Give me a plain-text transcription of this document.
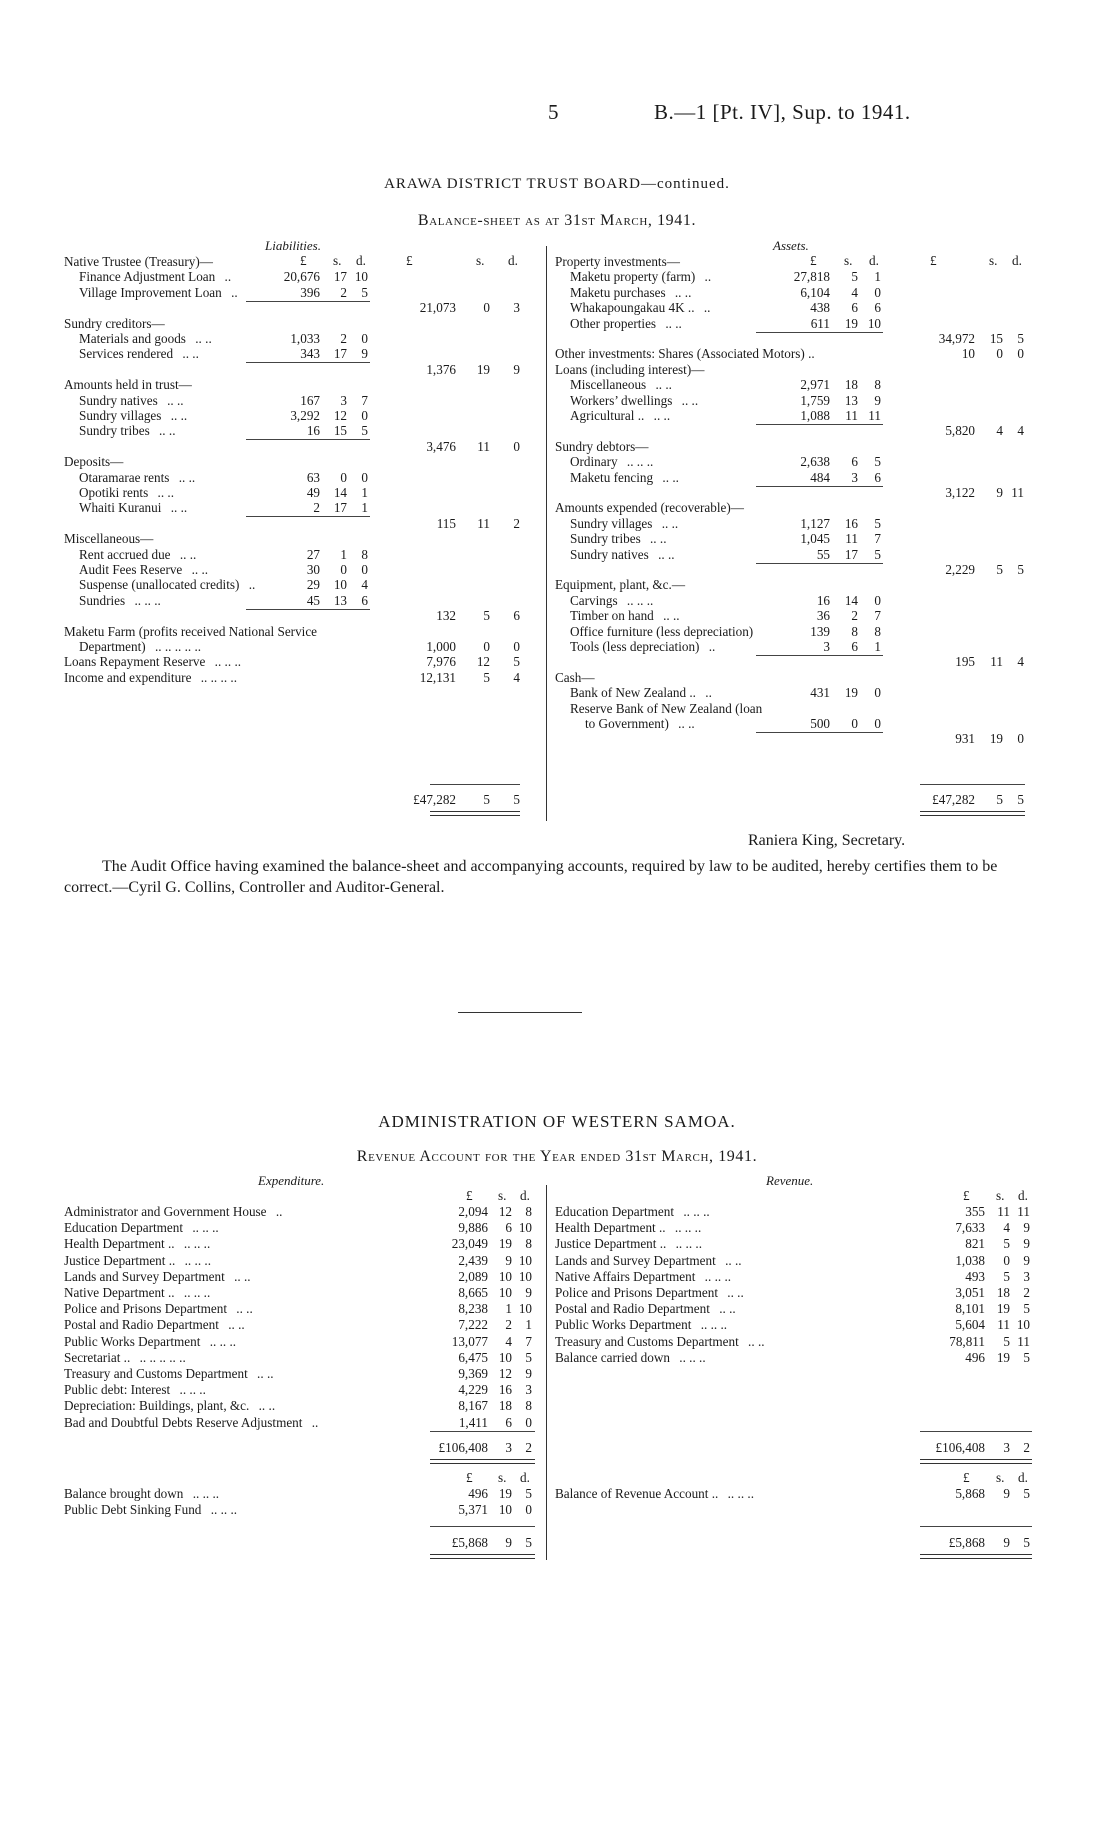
5	B.—1 [Pt. IV], Sup. to 1941.
ARAWA DISTRICT TRUST BOARD—continued.
Balance-sheet as at 31st March, 1941.
Liabilities.	Assets.
£ s. d.	£	s. d.	£ s. d.	£	s. d.
Native Trustee (Treasury)—
Finance Adjustment Loan ..	20,676	17 10
Village Improvement Loan ..	396	2	5
21,073	0	3
Sundry creditors—
Materials and goods .. ..	1,033	2	0
Services rendered .. ..	343	17	9
1,376	19	9
Amounts held in trust—
Sundry natives .. ..	167	3	7
Sundry villages .. ..	3,292	12	0
Sundry tribes .. ..	16	15	5
3,476	11	0
Deposits—
Otaramarae rents .. ..	63	0	0
Opotiki rents .. ..	49	14	1
Whaiti Kuranui .. ..	2	17	1
115	11	2
Miscellaneous—
Rent accrued due .. ..	27	1	8
Audit Fees Reserve .. ..	30	0	0
Suspense (unallocated credits) ..	29	10	4
Sundries .. .. ..	45	13	6
132	5	6
Maketu Farm (profits received National Service
Department) .. .. .. .. ..	1,000	0	0
Loans Repayment Reserve .. .. ..	7,976	12	5
Income and expenditure .. .. .. ..	12,131	5	4
Property investments—
Maketu property (farm) ..	27,818	5	1
Maketu purchases .. ..	6,104	4	0
Whakapoungakau 4K .. ..	438	6	6
Other properties .. ..	611	19 10
34,972	15	5
Other investments: Shares (Associated Motors) ..	10	0	0
Loans (including interest)—
Miscellaneous .. ..	2,971	18	8
Workers’ dwellings .. ..	1,759	13	9
Agricultural .. .. ..	1,088	11 11
5,820	4	4
Sundry debtors—
Ordinary .. .. ..	2,638	6	5
Maketu fencing .. ..	484	3	6
3,122	9 11
Amounts expended (recoverable)—
Sundry villages .. ..	1,127	16	5
Sundry tribes .. ..	1,045	11	7
Sundry natives .. ..	55	17	5
2,229	5	5
Equipment, plant, &c.—
Carvings .. .. ..	16	14	0
Timber on hand .. ..	36	2	7
Office furniture (less depreciation)	139	8	8
Tools (less depreciation) ..	3	6	1
195	11	4
Cash—
Bank of New Zealand .. ..	431	19	0
Reserve Bank of New Zealand (loan
to Government) .. ..	500	0	0
931	19	0
£47,282	5	5	£47,282	5	5
Raniera King, Secretary.
The Audit Office having examined the balance-sheet and accompanying accounts, required by law to be audited, hereby certifies them to be correct.—Cyril G. Collins, Controller and Auditor-General.
ADMINISTRATION OF WESTERN SAMOA.
Revenue Account for the Year ended 31st March, 1941.
Expenditure.	Revenue.
£ s. d.	£ s. d.
Administrator and Government House ..	2,094 12	8
Education Department .. .. ..	9,886	6 10
Health Department .. .. .. ..	23,049 19	8
Justice Department .. .. .. ..	2,439	9 10
Lands and Survey Department .. ..	2,089 10 10
Native Department .. .. .. ..	8,665 10	9
Police and Prisons Department .. ..	8,238	1 10
Postal and Radio Department .. ..	7,222	2	1
Public Works Department .. .. ..	13,077	4	7
Secretariat .. .. .. .. .. ..	6,475 10	5
Treasury and Customs Department .. ..	9,369 12	9
Public debt: Interest .. .. ..	4,229 16	3
Depreciation: Buildings, plant, &c. .. ..	8,167 18	8
Bad and Doubtful Debts Reserve Adjustment ..	1,411	6	0
Education Department .. .. ..	355 11 11
Health Department .. .. .. ..	7,633	4	9
Justice Department .. .. .. ..	821	5	9
Lands and Survey Department .. ..	1,038	0	9
Native Affairs Department .. .. ..	493	5	3
Police and Prisons Department .. ..	3,051 18	2
Postal and Radio Department .. ..	8,101 19	5
Public Works Department .. .. ..	5,604 11 10
Treasury and Customs Department .. ..	78,811	5 11
Balance carried down .. .. ..	496 19	5
£106,408	3	2	£106,408	3	2
£ s. d.	£ s. d.
Balance brought down .. .. ..	496 19	5
Public Debt Sinking Fund .. .. ..	5,371 10	0
Balance of Revenue Account .. .. .. ..	5,868	9	5
£5,868	9	5	£5,868	9	5
